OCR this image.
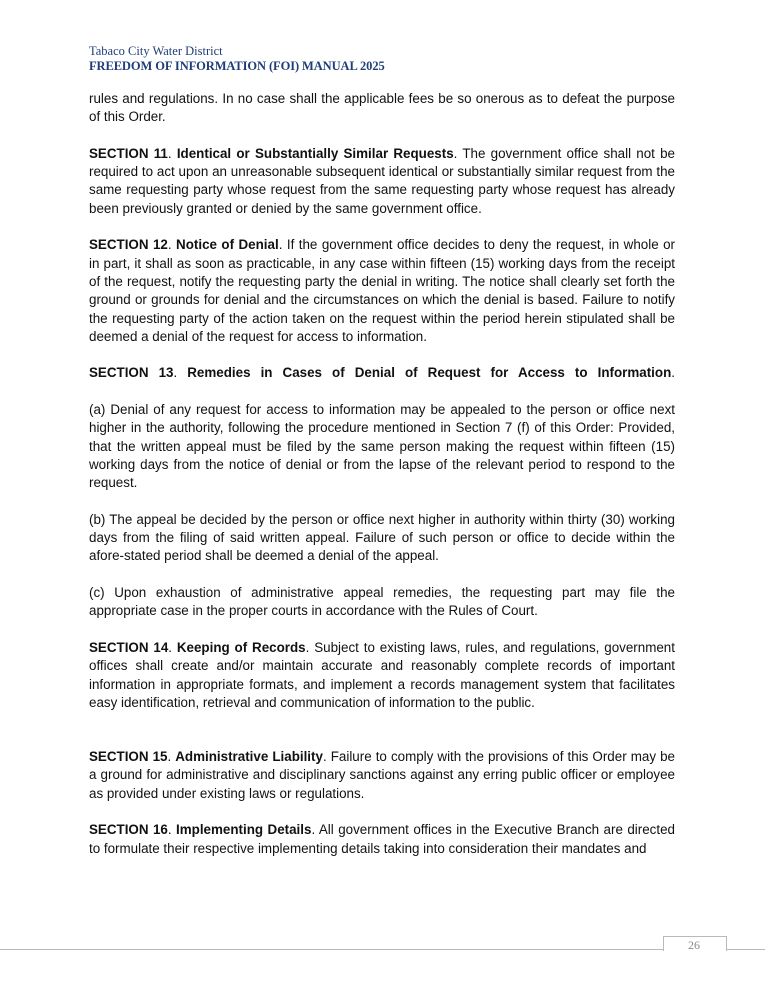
Tabaco City Water District
FREEDOM OF INFORMATION (FOI) MANUAL 2025

rules and regulations. In no case shall the applicable fees be so onerous as to defeat the purpose of this Order.

SECTION 11. Identical or Substantially Similar Requests. The government office shall not be required to act upon an unreasonable subsequent identical or substantially similar request from the same requesting party whose request from the same requesting party whose request has already been previously granted or denied by the same government office.

SECTION 12. Notice of Denial. If the government office decides to deny the request, in whole or in part, it shall as soon as practicable, in any case within fifteen (15) working days from the receipt of the request, notify the requesting party the denial in writing. The notice shall clearly set forth the ground or grounds for denial and the circumstances on which the denial is based. Failure to notify the requesting party of the action taken on the request within the period herein stipulated shall be deemed a denial of the request for access to information.

SECTION 13. Remedies in Cases of Denial of Request for Access to Information.

(a) Denial of any request for access to information may be appealed to the person or office next higher in the authority, following the procedure mentioned in Section 7 (f) of this Order: Provided, that the written appeal must be filed by the same person making the request within fifteen (15) working days from the notice of denial or from the lapse of the relevant period to respond to the request.

(b) The appeal be decided by the person or office next higher in authority within thirty (30) working days from the filing of said written appeal. Failure of such person or office to decide within the afore-stated period shall be deemed a denial of the appeal.

(c) Upon exhaustion of administrative appeal remedies, the requesting part may file the appropriate case in the proper courts in accordance with the Rules of Court.

SECTION 14. Keeping of Records. Subject to existing laws, rules, and regulations, government offices shall create and/or maintain accurate and reasonably complete records of important information in appropriate formats, and implement a records management system that facilitates easy identification, retrieval and communication of information to the public.

SECTION 15. Administrative Liability. Failure to comply with the provisions of this Order may be a ground for administrative and disciplinary sanctions against any erring public officer or employee as provided under existing laws or regulations.

SECTION 16. Implementing Details. All government offices in the Executive Branch are directed to formulate their respective implementing details taking into consideration their mandates and

26
